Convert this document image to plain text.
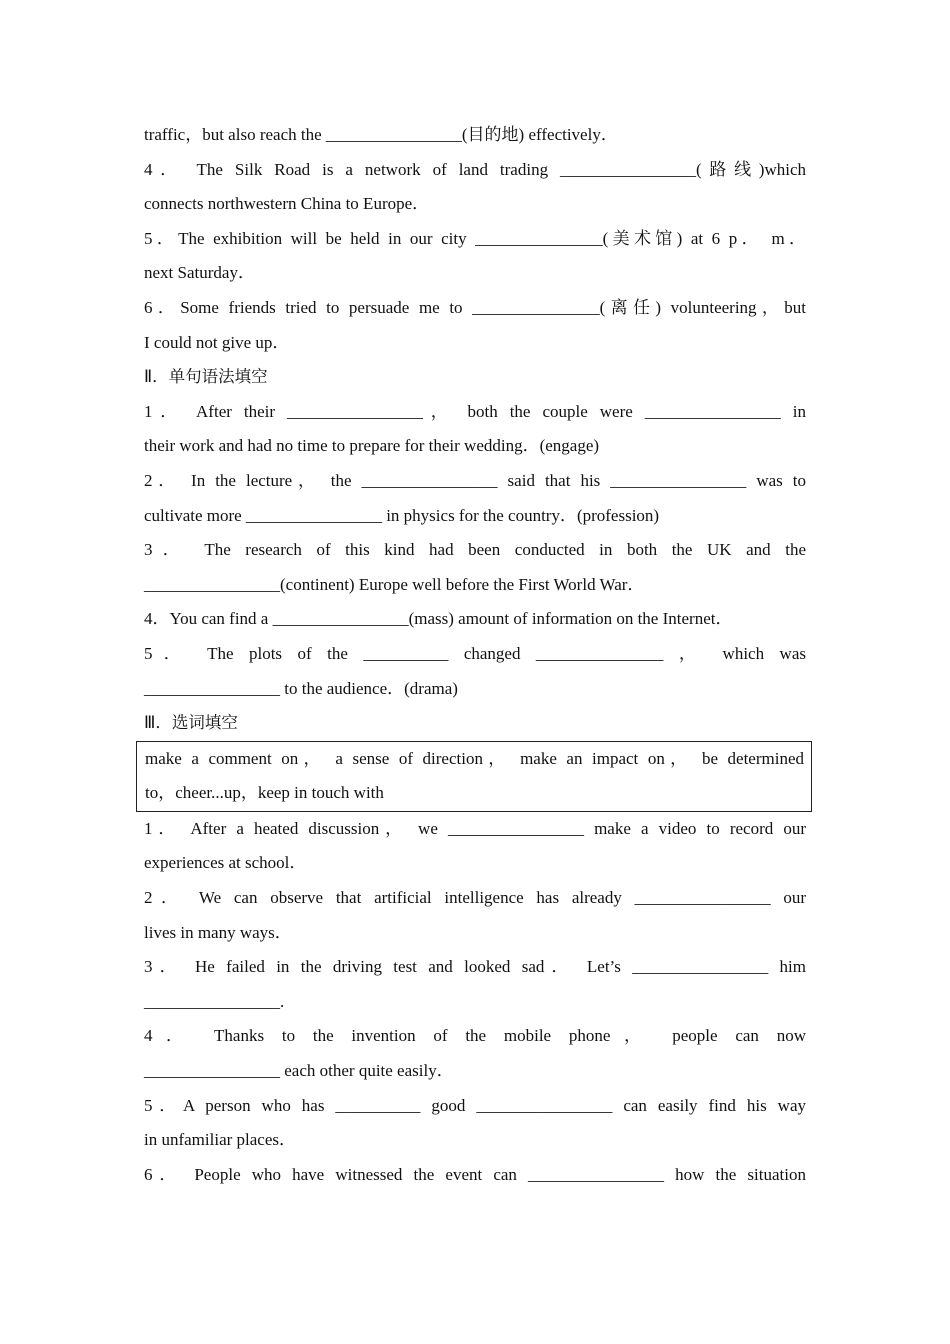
traffic，but also reach the ________________(目的地) effectively．
4． The Silk Road is a network of land trading ________________(路线)which
connects northwestern China to Europe．
5．The exhibition will be held in our city _______________(美术馆) at 6 p． m．
next Saturday．
6．Some friends tried to persuade me to _______________(离任) volunteering，but
I could not give up．
Ⅱ．单句语法填空
1． After their ________________， both the couple were ________________ in
their work and had no time to prepare for their wedding．(engage)
2． In the lecture， the ________________ said that his ________________ was to
cultivate more ________________ in physics for the country．(profession)
3． The research of this kind had been conducted in both the UK and the
________________(continent) Europe well before the First World War．
4．You can find a ________________(mass) amount of information on the Internet．
5． The plots of the __________ changed _______________ ， which was
________________ to the audience．(drama)
Ⅲ．选词填空
make a comment on， a sense of direction， make an impact on， be determined
to，cheer...up，keep in touch with
1． After a heated discussion， we ________________ make a video to record our
experiences at school．
2． We can observe that artificial intelligence has already ________________ our
lives in many ways．
3． He failed in the driving test and looked sad． Let’s ________________ him
________________.
4． Thanks to the invention of the mobile phone， people can now
________________ each other quite easily．
5．A person who has __________ good ________________ can easily find his way
in unfamiliar places．
6． People who have witnessed the event can ________________ how the situation
